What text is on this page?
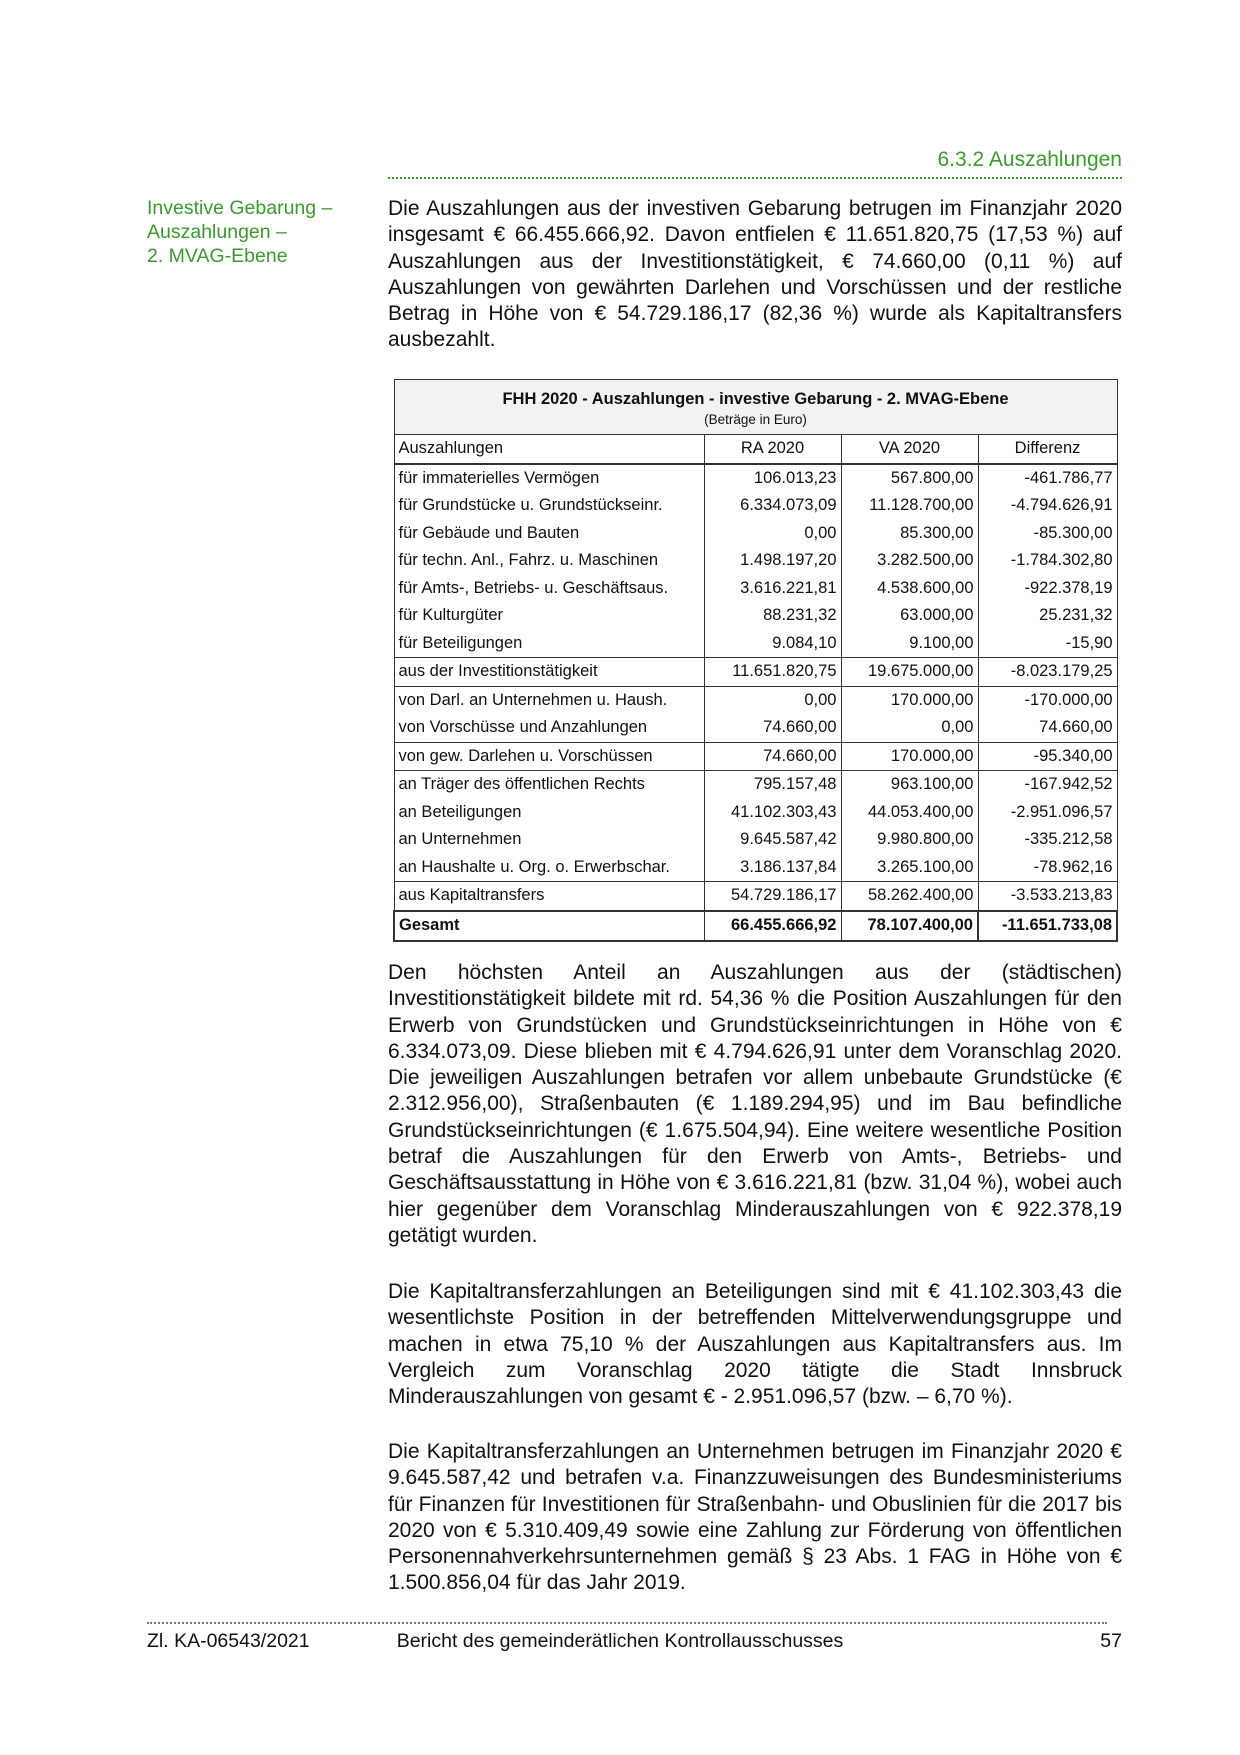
6.3.2 Auszahlungen
Investive Gebarung –
Auszahlungen –
2. MVAG-Ebene

Die Auszahlungen aus der investiven Gebarung betrugen im Finanzjahr 2020 insgesamt € 66.455.666,92. Davon entfielen € 11.651.820,75 (17,53 %) auf Auszahlungen aus der Investitionstätigkeit, € 74.660,00 (0,11 %) auf Auszahlungen von gewährten Darlehen und Vorschüssen und der restliche Betrag in Höhe von € 54.729.186,17 (82,36 %) wurde als Kapitaltransfers ausbezahlt.

FHH 2020 - Auszahlungen - investive Gebarung - 2. MVAG-Ebene
(Beträge in Euro)			

Auszahlungen	RA 2020	VA 2020	Differenz
für immaterielles Vermögen	106.013,23	567.800,00	-461.786,77
für Grundstücke u. Grundstückseinr.	6.334.073,09	11.128.700,00	-4.794.626,91
für Gebäude und Bauten	0,00	85.300,00	-85.300,00
für techn. Anl., Fahrz. u. Maschinen	1.498.197,20	3.282.500,00	-1.784.302,80
für Amts-, Betriebs- u. Geschäftsaus.	3.616.221,81	4.538.600,00	-922.378,19
für Kulturgüter	88.231,32	63.000,00	25.231,32
für Beteiligungen	9.084,10	9.100,00	-15,90
aus der Investitionstätigkeit	11.651.820,75	19.675.000,00	-8.023.179,25
von Darl. an Unternehmen u. Haush.	0,00	170.000,00	-170.000,00
von Vorschüsse und Anzahlungen	74.660,00	0,00	74.660,00
von gew. Darlehen u. Vorschüssen	74.660,00	170.000,00	-95.340,00
an Träger des öffentlichen Rechts	795.157,48	963.100,00	-167.942,52
an Beteiligungen	41.102.303,43	44.053.400,00	-2.951.096,57
an Unternehmen	9.645.587,42	9.980.800,00	-335.212,58
an Haushalte u. Org. o. Erwerbschar.	3.186.137,84	3.265.100,00	-78.962,16
aus Kapitaltransfers	54.729.186,17	58.262.400,00	-3.533.213,83
Gesamt	66.455.666,92	78.107.400,00	-11.651.733,08

Den höchsten Anteil an Auszahlungen aus der (städtischen) Investitionstätigkeit bildete mit rd. 54,36 % die Position Auszahlungen für den Erwerb von Grundstücken und Grundstückseinrichtungen in Höhe von € 6.334.073,09. Diese blieben mit € 4.794.626,91 unter dem Voranschlag 2020. Die jeweiligen Auszahlungen betrafen vor allem unbebaute Grundstücke (€ 2.312.956,00), Straßenbauten (€ 1.189.294,95) und im Bau befindliche Grundstückseinrichtungen (€ 1.675.504,94). Eine weitere wesentliche Position betraf die Auszahlungen für den Erwerb von Amts-, Betriebs- und Geschäftsausstattung in Höhe von € 3.616.221,81 (bzw. 31,04 %), wobei auch hier gegenüber dem Voranschlag Minderauszahlungen von € 922.378,19 getätigt wurden.

Die Kapitaltransferzahlungen an Beteiligungen sind mit € 41.102.303,43 die wesentlichste Position in der betreffenden Mittelverwendungsgruppe und machen in etwa 75,10 % der Auszahlungen aus Kapitaltransfers aus. Im Vergleich zum Voranschlag 2020 tätigte die Stadt Innsbruck Minderauszahlungen von gesamt € - 2.951.096,57 (bzw. – 6,70 %).

Die Kapitaltransferzahlungen an Unternehmen betrugen im Finanzjahr 2020 € 9.645.587,42 und betrafen v.a. Finanzzuweisungen des Bundesministeriums für Finanzen für Investitionen für Straßenbahn- und Obuslinien für die 2017 bis 2020 von € 5.310.409,49 sowie eine Zahlung zur Förderung von öffentlichen Personennahverkehrsunternehmen gemäß § 23 Abs. 1 FAG in Höhe von € 1.500.856,04 für das Jahr 2019.

Zl. KA-06543/2021	Bericht des gemeinderätlichen Kontrollausschusses	57
